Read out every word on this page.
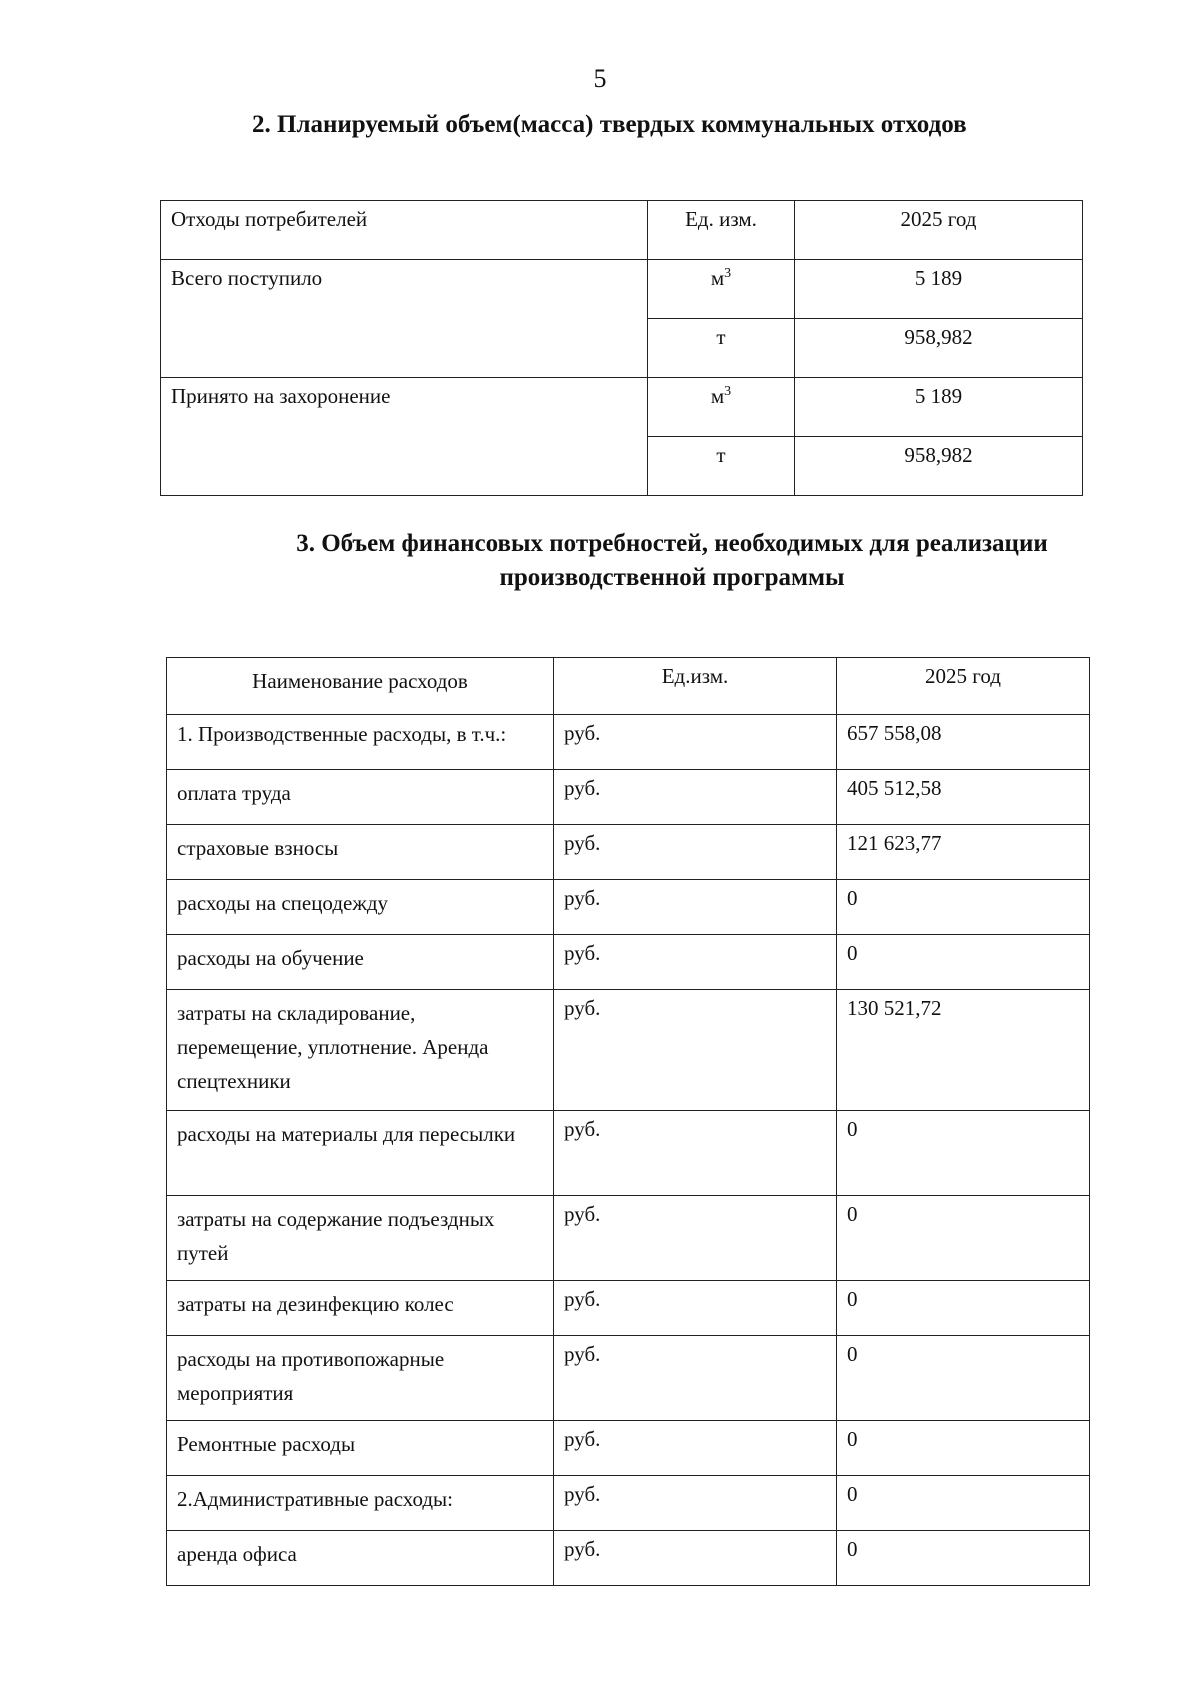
5
2. Планируемый объем(масса) твердых коммунальных отходов
Отходы потребителей	Ед. изм.	2025 год
Всего поступило	$м^3$	5 189
	т	958,982
Принято на захоронение	$м^3$	5 189
	т	958,982
3. Объем финансовых потребностей, необходимых для реализации
производственной программы
Наименование расходов	Ед.изм.	2025 год
1. Производственные расходы, в т.ч.:	руб.	657 558,08
оплата труда	руб.	405 512,58
страховые взносы	руб.	121 623,77
расходы на спецодежду	руб.	0
расходы на обучение	руб.	0
затраты на складирование, перемещение, уплотнение. Аренда спецтехники	руб.	130 521,72
расходы на материалы для пересылки	руб.	0
затраты на содержание подъездных путей	руб.	0
затраты на дезинфекцию колес	руб.	0
расходы на противопожарные мероприятия	руб.	0
Ремонтные расходы	руб.	0
2.Административные расходы:	руб.	0
аренда офиса	руб.	0
